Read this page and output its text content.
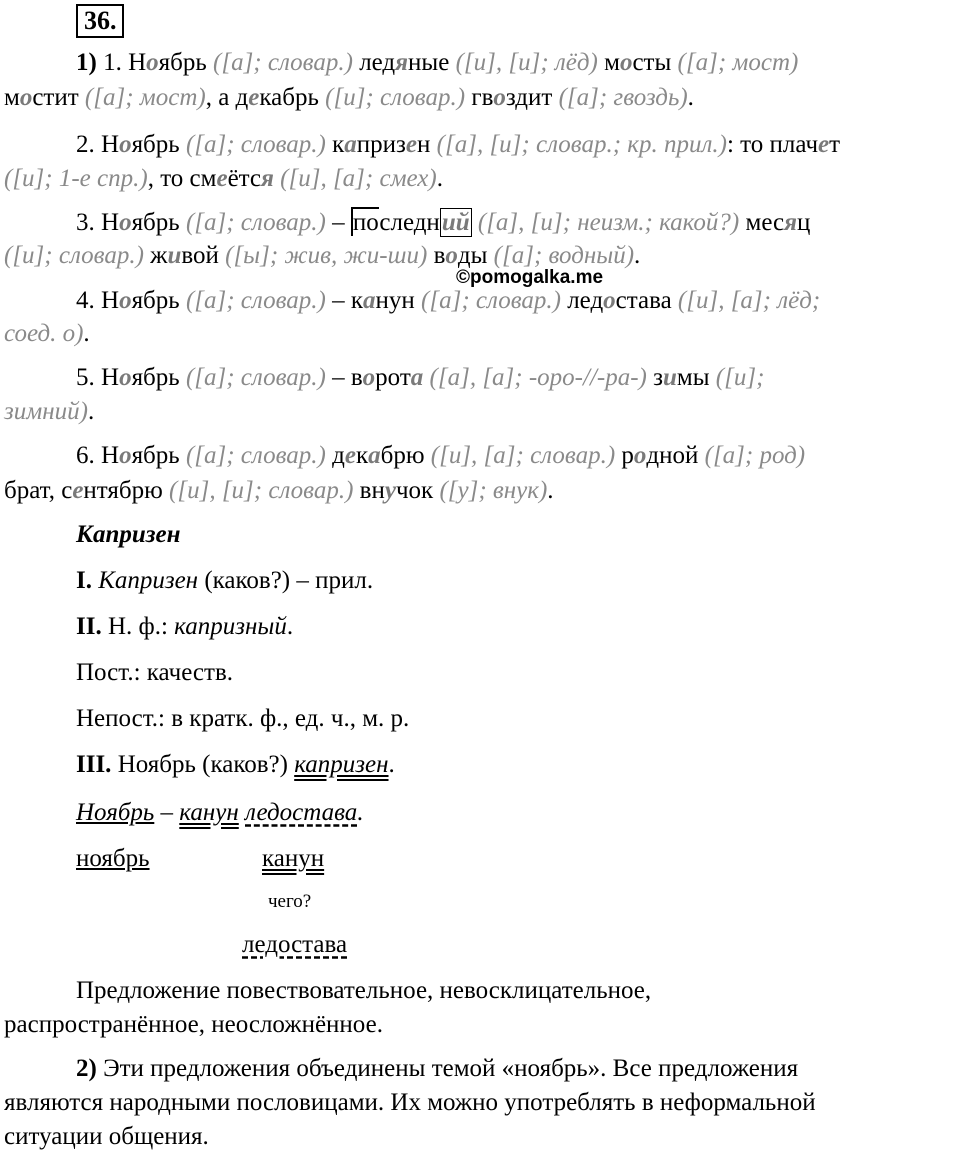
36.
1) 1. Ноябрь ([а]; словар.) ледяные ([и], [и]; лёд) мосты ([а]; мост)
мостит ([а]; мост), а декабрь ([и]; словар.) гвоздит ([а]; гвоздь).
2. Ноябрь ([а]; словар.) капризен ([а], [и]; словар.; кр. прил.): то плачет
([и]; 1-е спр.), то смеётся ([и], [а]; смех).
3. Ноябрь ([а]; словар.) – последний ([а], [и]; неизм.; какой?) месяц
([и]; словар.) живой ([ы]; жив, жи-ши) воды ([а]; водный).
©pomogalka.me
4. Ноябрь ([а]; словар.) – канун ([а]; словар.) ледостава ([и], [а]; лёд;
соед. о).
5. Ноябрь ([а]; словар.) – ворота ([а], [а]; -оро-//-ра-) зимы ([и];
зимний).
6. Ноябрь ([а]; словар.) декабрю ([и], [а]; словар.) родной ([а]; род)
брат, сентябрю ([и], [и]; словар.) внучок ([у]; внук).
Капризен
I. Капризен (каков?) – прил.
II. Н. ф.: капризный.
Пост.: качеств.
Непост.: в кратк. ф., ед. ч., м. р.
III. Ноябрь (каков?) капризен.
Ноябрь – канун ледостава.
ноябрь	канун
чего?
ледостава
Предложение повествовательное, невосклицательное,
распространённое, неосложнённое.
2) Эти предложения объединены темой «ноябрь». Все предложения
являются народными пословицами. Их можно употреблять в неформальной
ситуации общения.
